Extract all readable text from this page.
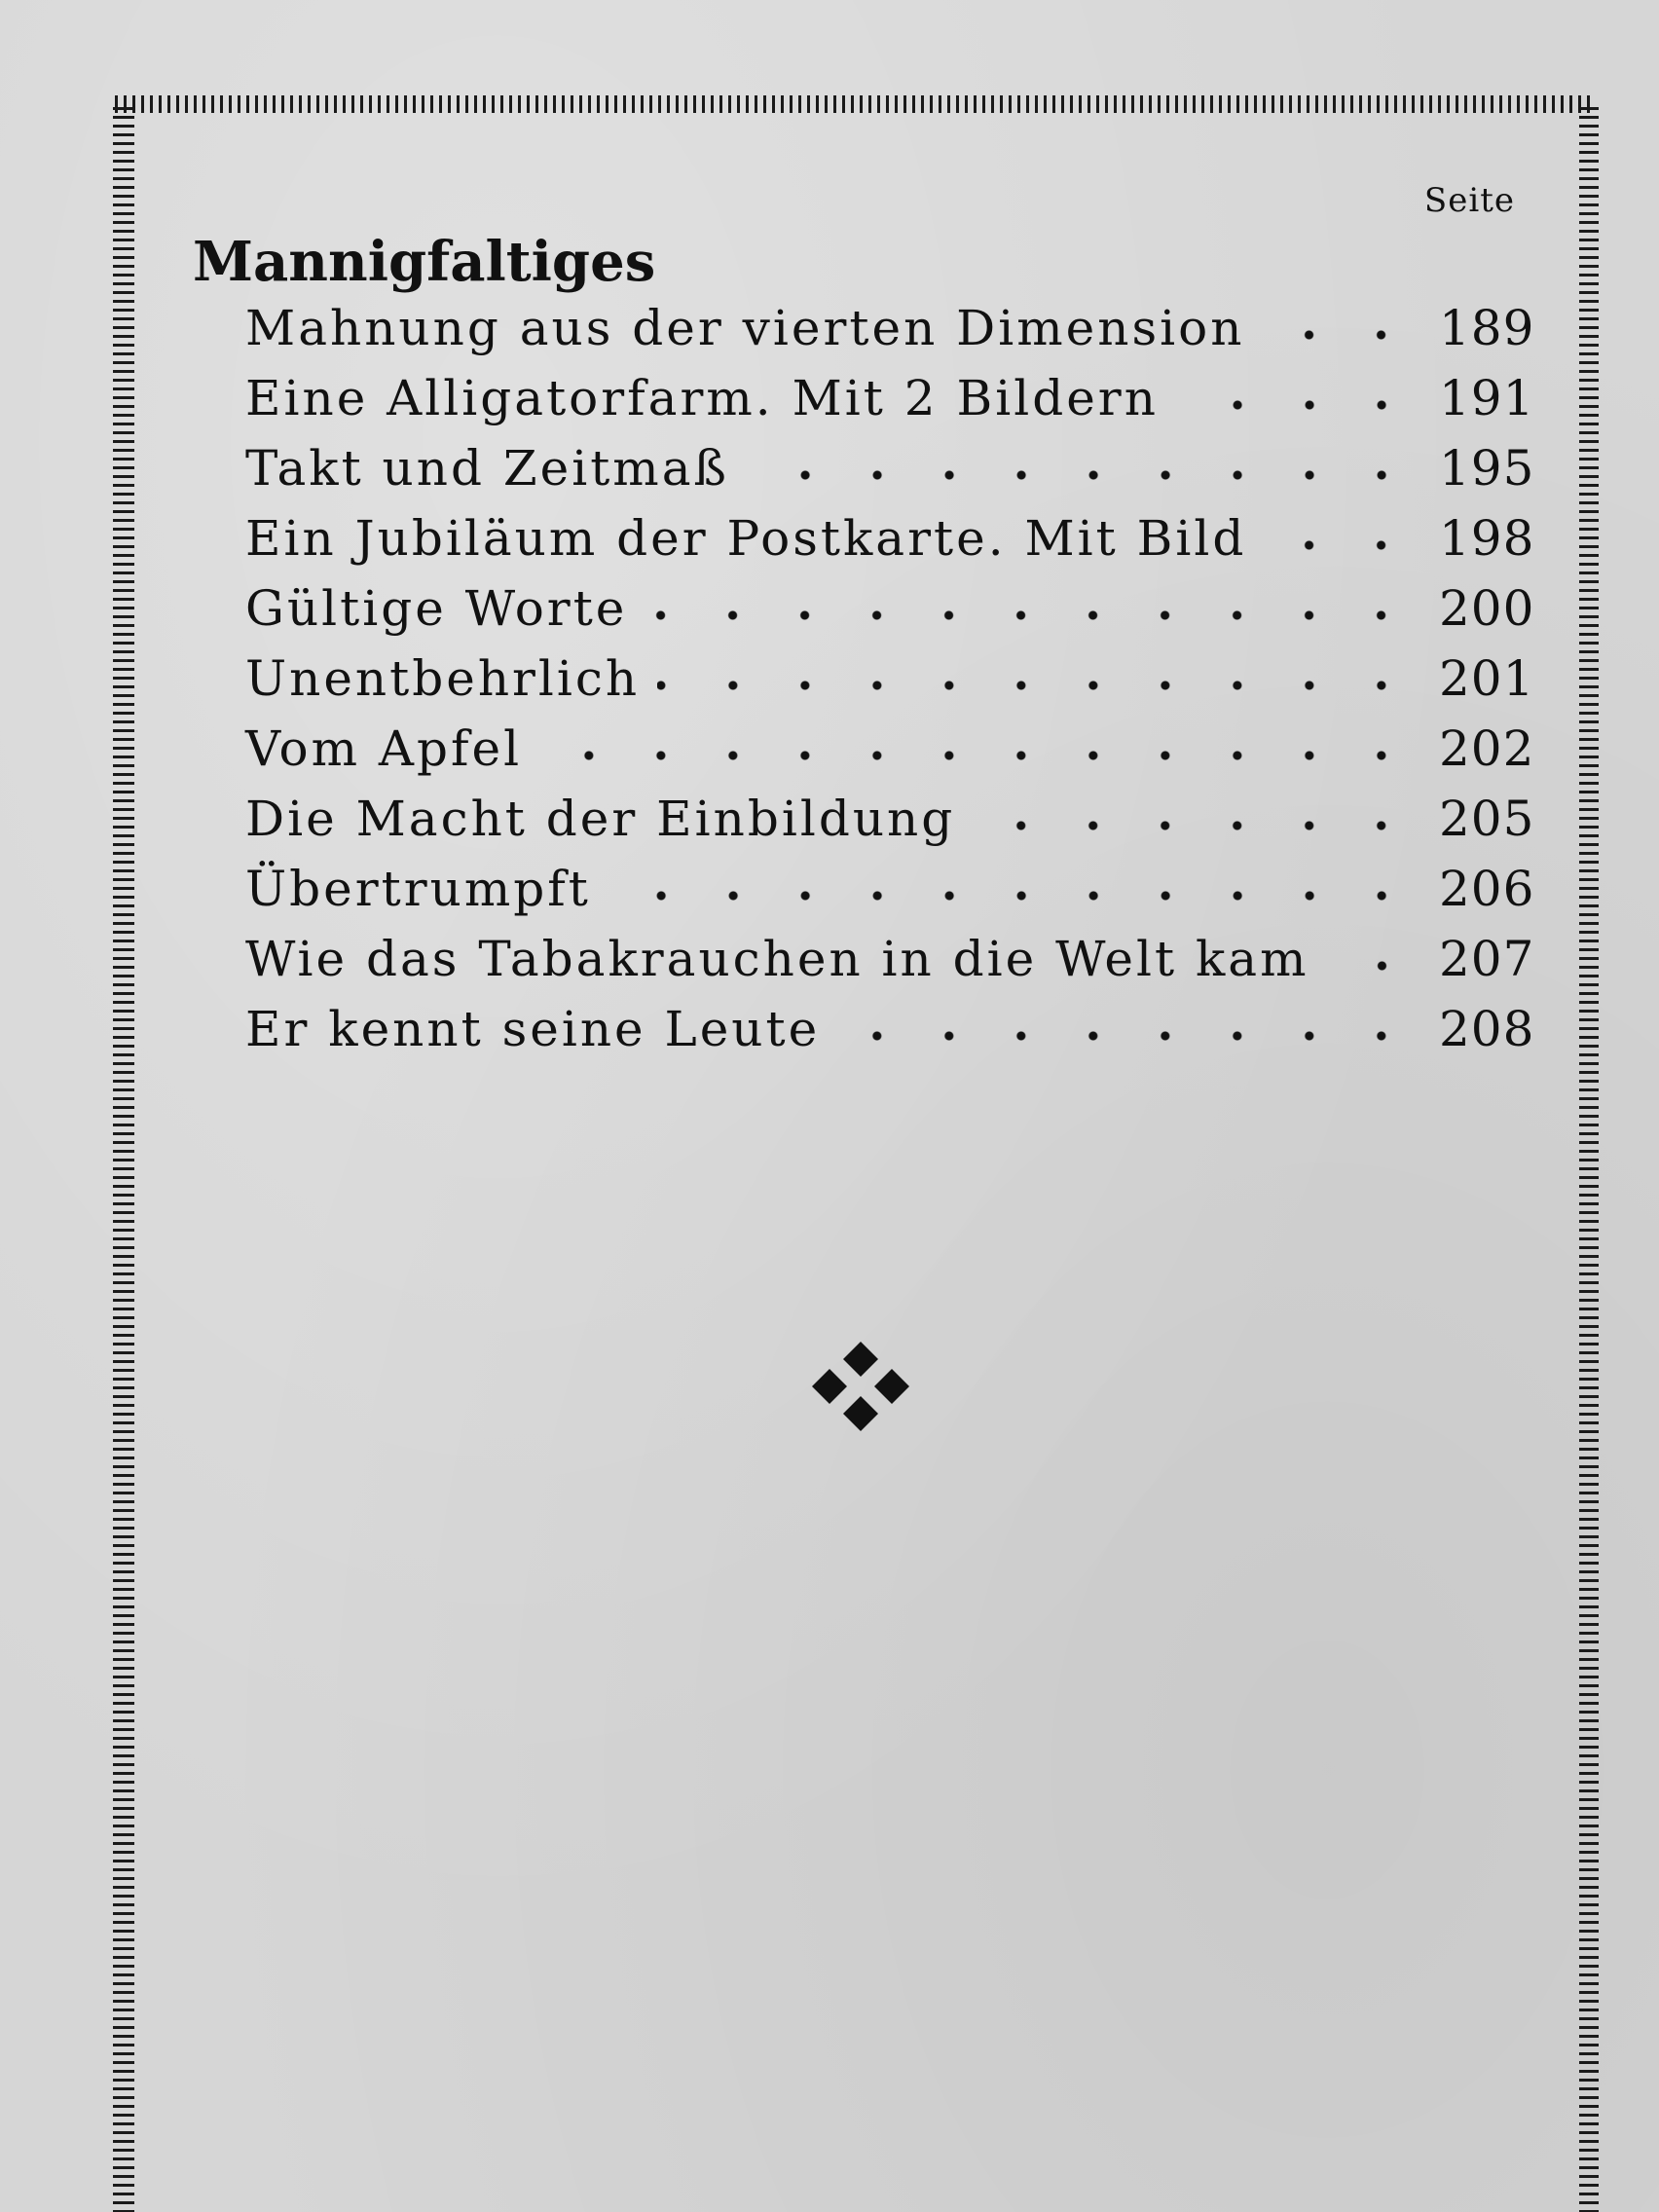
Seite
Mannigfaltiges
Mahnung aus der vierten Dimension	189
Eine Alligatorfarm. Mit 2 Bildern	191
Takt und Zeitmaß	195
Ein Jubiläum der Postkarte. Mit Bild	198
Gültige Worte	200
Unentbehrlich	201
Vom Apfel	202
Die Macht der Einbildung	205
Übertrumpft	206
Wie das Tabakrauchen in die Welt kam	207
Er kennt seine Leute	208
